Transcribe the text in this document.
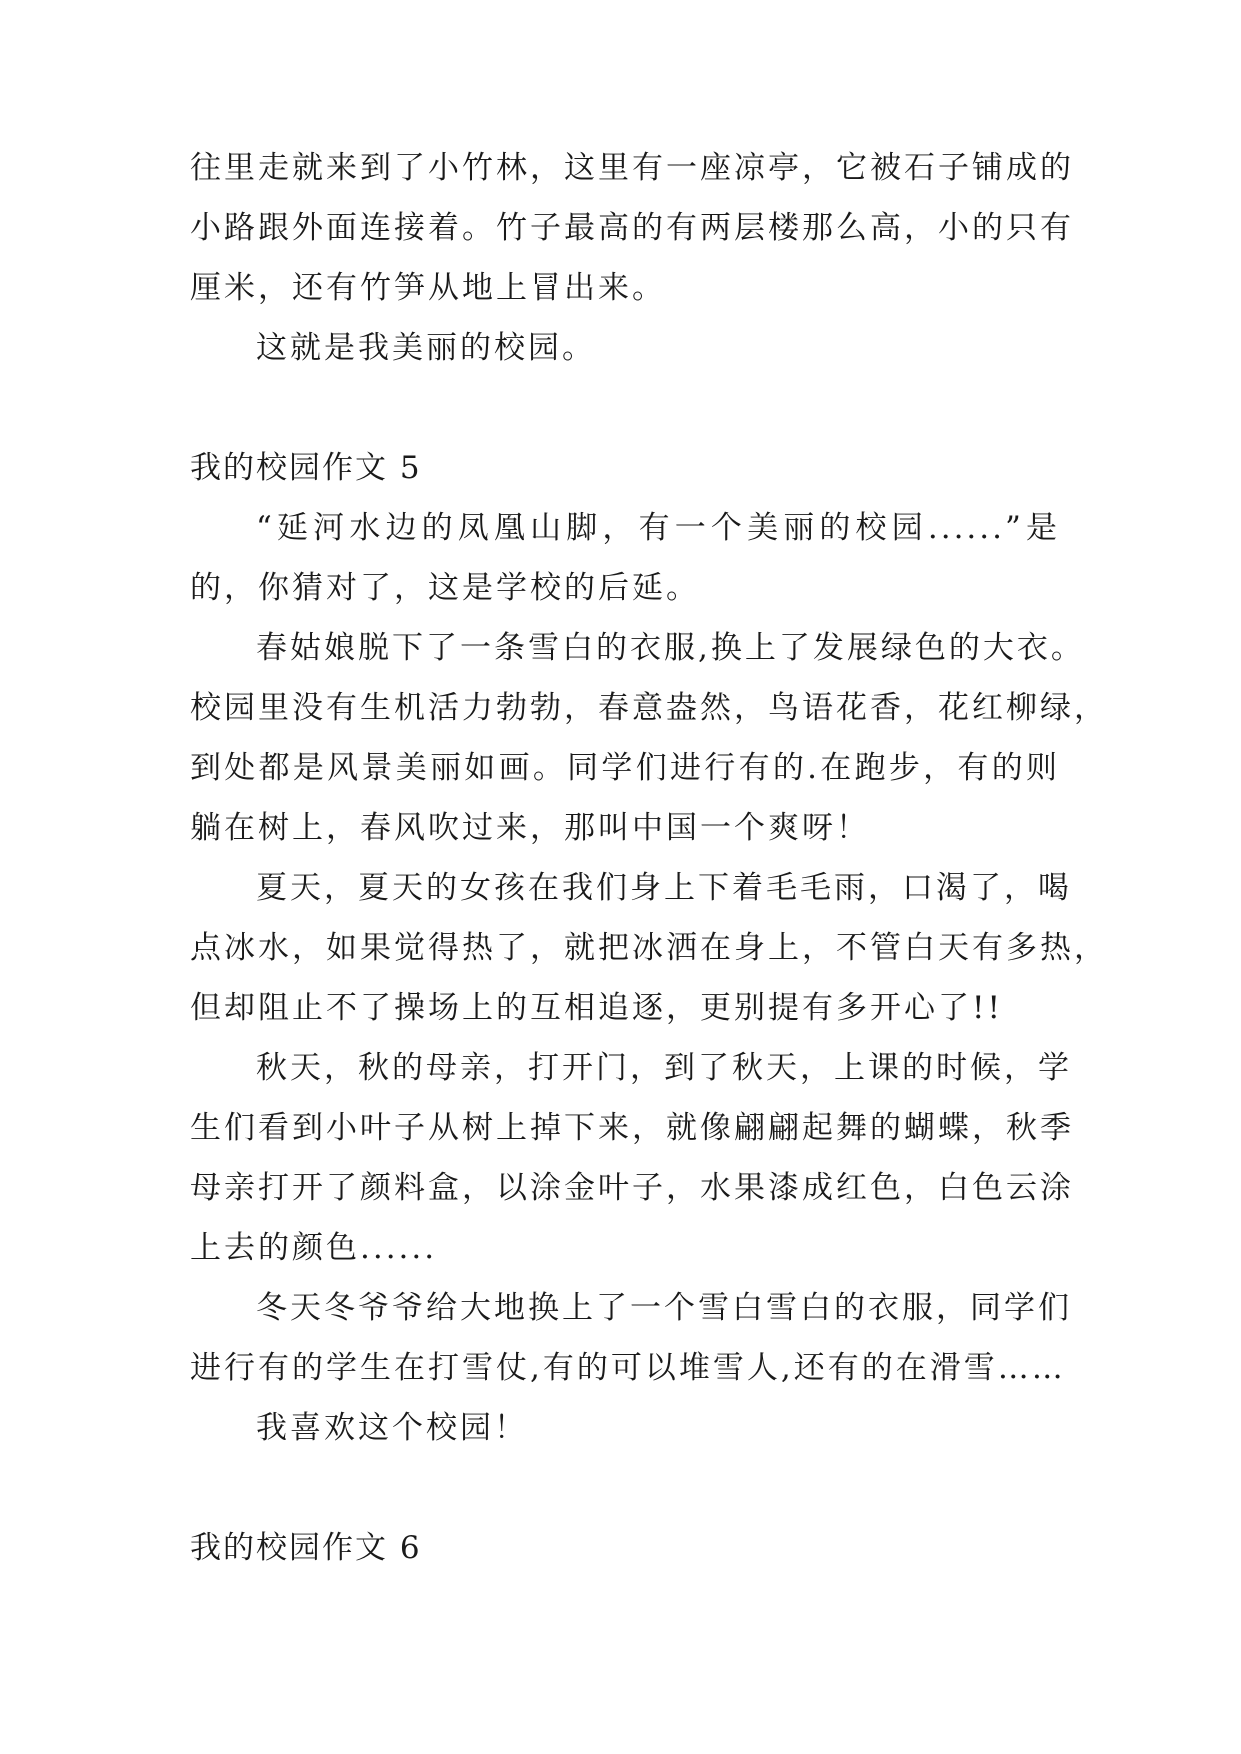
往里走就来到了小竹林，这里有一座凉亭，它被石子铺成的

小路跟外面连接着。竹子最高的有两层楼那么高，小的只有

厘米，还有竹笋从地上冒出来。

这就是我美丽的校园。

我的校园作文 5

“延河水边的凤凰山脚，有一个美丽的校园......”是

的，你猜对了，这是学校的后延。

春姑娘脱下了一条雪白的衣服,换上了发展绿色的大衣。

校园里没有生机活力勃勃，春意盎然，鸟语花香，花红柳绿，

到处都是风景美丽如画。同学们进行有的.在跑步，有的则

躺在树上，春风吹过来，那叫中国一个爽呀！

夏天，夏天的女孩在我们身上下着毛毛雨，口渴了，喝

点冰水，如果觉得热了，就把冰洒在身上，不管白天有多热，

但却阻止不了操场上的互相追逐，更别提有多开心了!!

秋天，秋的母亲，打开门，到了秋天，上课的时候，学

生们看到小叶子从树上掉下来，就像翩翩起舞的蝴蝶，秋季

母亲打开了颜料盒，以涂金叶子，水果漆成红色，白色云涂

上去的颜色......

冬天冬爷爷给大地换上了一个雪白雪白的衣服，同学们

进行有的学生在打雪仗,有的可以堆雪人,还有的在滑雪……

我喜欢这个校园！

我的校园作文 6
